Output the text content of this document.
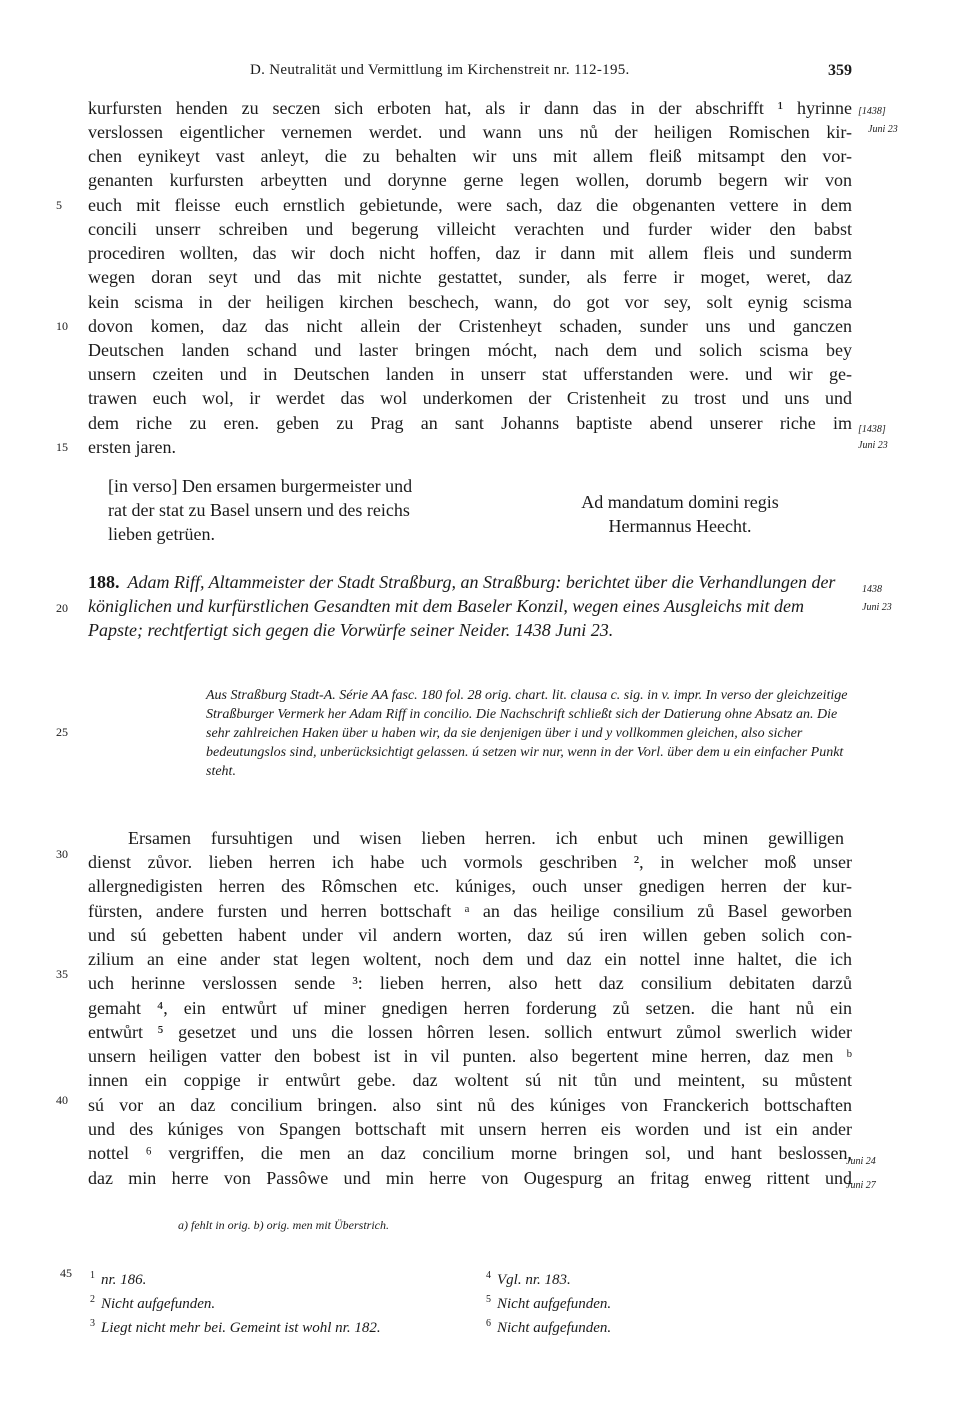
D. Neutralität und Vermittlung im Kirchenstreit nr. 112-195.	359
kurfursten henden zu seczen sich erboten hat, als ir dann das in der abschrifft ¹ hyrinne
verslossen eigentlicher vernemen werdet. und wann uns nů der heiligen Romischen kir-
chen eynikeyt vast anleyt, die zu behalten wir uns mit allem fleiß mitsampt den vor-
genanten kurfursten arbeytten und dorynne gerne legen wollen, dorumb begern wir von
euch mit fleisse euch ernstlich gebietunde, were sach, daz die obgenanten vettere in dem
concili unserr schreiben und begerung villeicht verachten und furder wider den babst
procediren wollten, das wir doch nicht hoffen, daz ir dann mit allem fleis und sunderm
wegen doran seyt und das mit nichte gestattet, sunder, als ferre ir moget, weret, daz
kein scisma in der heiligen kirchen beschech, wann, do got vor sey, solt eynig scisma
dovon komen, daz das nicht allein der Cristenheyt schaden, sunder uns und ganczen
Deutschen landen schand und laster bringen mócht, nach dem und solich scisma bey
unsern czeiten und in Deutschen landen in unserr stat ufferstanden were. und wir ge-
trawen euch wol, ir werdet das wol underkomen der Cristenheit zu trost und uns und
dem riche zu eren. geben zu Prag an sant Johanns baptiste abend unserer riche im
ersten jaren.
5
10
15
20
25
30
35
40
45
[1438]
Juni 23
[1438]
Juni 23
1438
Juni 23
Juni 24
Juni 27
[in verso] Den ersamen burgermeister und
rat der stat zu Basel unsern und des reichs
lieben getrüen.
Ad mandatum domini regis
Hermannus Heecht.
188. Adam Riff, Altammeister der Stadt Straßburg, an Straßburg: berichtet über die Verhandlungen der königlichen und kurfürstlichen Gesandten mit dem Baseler Konzil, wegen eines Ausgleichs mit dem Papste; rechtfertigt sich gegen die Vorwürfe seiner Neider. 1438 Juni 23.
Aus Straßburg Stadt-A. Série AA fasc. 180 fol. 28 orig. chart. lit. clausa c. sig. in v. impr. In verso der gleichzeitige Straßburger Vermerk her Adam Riff in concilio. Die Nachschrift schließt sich der Datierung ohne Absatz an. Die sehr zahlreichen Haken über u haben wir, da sie denjenigen über i und y vollkommen gleichen, also sicher bedeutungslos sind, unberücksichtigt gelassen. ú setzen wir nur, wenn in der Vorl. über dem u ein einfacher Punkt steht.
Ersamen fursuhtigen und wisen lieben herren. ich enbut uch minen gewilligen
dienst zůvor. lieben herren ich habe uch vormols geschriben ², in welcher moß unser
allergnedigisten herren des Rômschen etc. kúniges, ouch unser gnedigen herren der kur-
fürsten, andere fursten und herren bottschaft ᵃ an das heilige consilium zů Basel geworben
und sú gebetten habent under vil andern worten, daz sú iren willen geben solich con-
zilium an eine ander stat legen woltent, noch dem und daz ein nottel inne haltet, die ich
uch herinne verslossen sende ³: lieben herren, also hett daz consilium debitaten darzů
gemaht ⁴, ein entwůrt uf miner gnedigen herren forderung zů setzen. die hant nů ein
entwůrt ⁵ gesetzet und uns die lossen hôrren lesen. sollich entwurt zůmol swerlich wider
unsern heiligen vatter den bobest ist in vil punten. also begertent mine herren, daz men ᵇ
innen ein coppige ir entwůrt gebe. daz woltent sú nit tůn und meintent, su můstent
sú vor an daz concilium bringen. also sint nů des kúniges von Franckerich bottschaften
und des kúniges von Spangen bottschaft mit unsern herren eis worden und ist ein ander
nottel ⁶ vergriffen, die men an daz concilium morne bringen sol, und hant beslossen,
daz min herre von Passôwe und min herre von Ougespurg an fritag enweg rittent und
a) fehlt in orig. b) orig. men mit Überstrich.
$^1$ nr. 186.
$^2$ Nicht aufgefunden.
$^3$ Liegt nicht mehr bei. Gemeint ist wohl nr. 182.
$^4$ Vgl. nr. 183.
$^5$ Nicht aufgefunden.
$^6$ Nicht aufgefunden.
